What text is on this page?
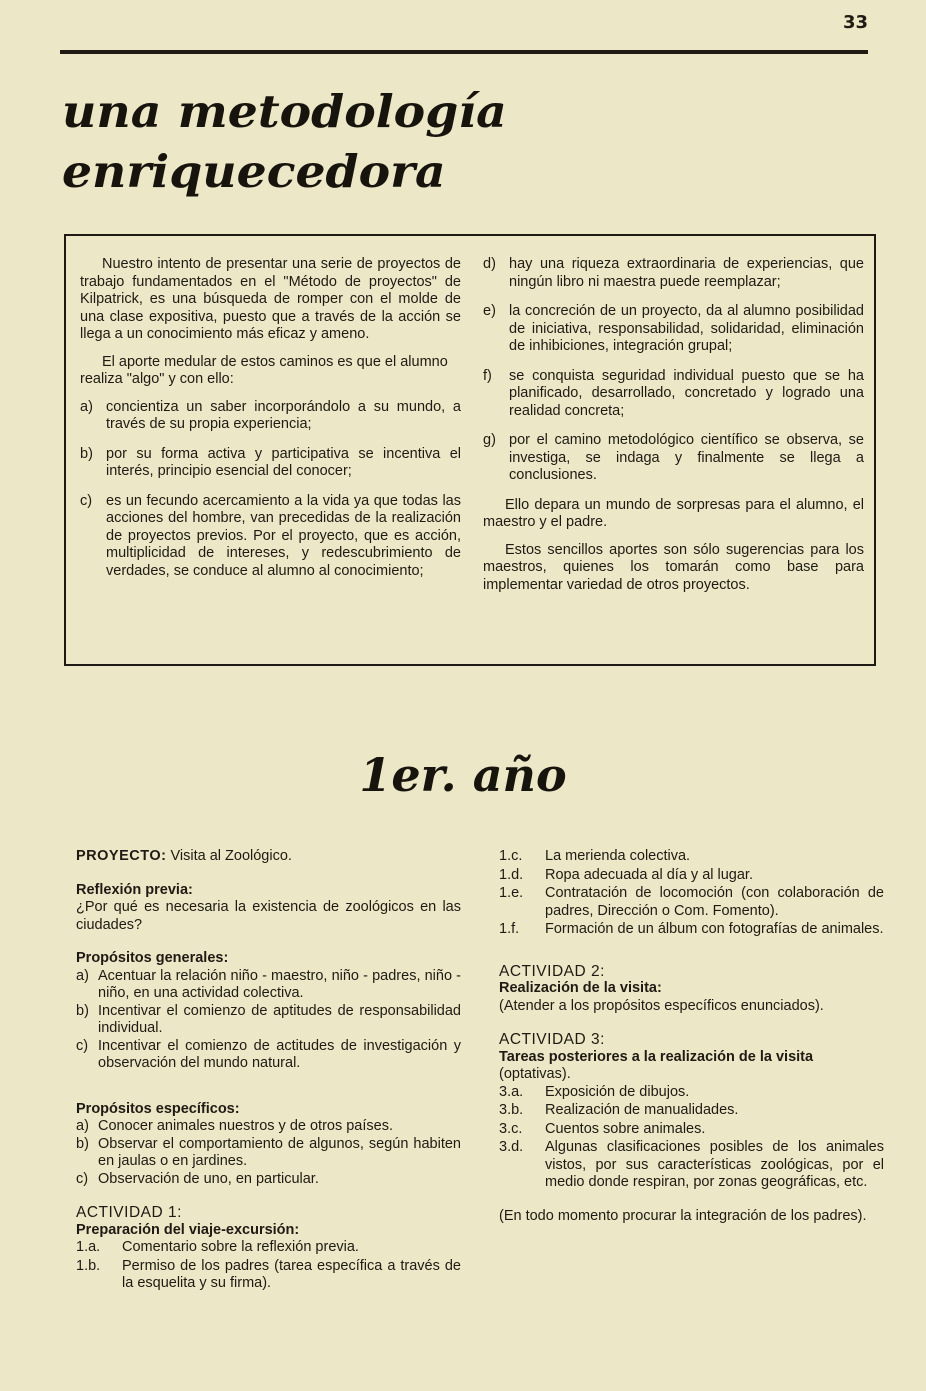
33
una metodología
enriquecedora

Nuestro intento de presentar una serie de proyectos de trabajo fundamentados en el "Método de proyectos" de Kilpatrick, es una búsqueda de romper con el molde de una clase expositiva, puesto que a través de la acción se llega a un conocimiento más eficaz y ameno.

El aporte medular de estos caminos es que el alumno realiza "algo" y con ello:

a) concientiza un saber incorporándolo a su mundo, a través de su propia experiencia;
b) por su forma activa y participativa se incentiva el interés, principio esencial del conocer;
c) es un fecundo acercamiento a la vida ya que todas las acciones del hombre, van precedidas de la realización de proyectos previos. Por el proyecto, que es acción, multiplicidad de intereses, y redescubrimiento de verdades, se conduce al alumno al conocimiento;
d) hay una riqueza extraordinaria de experiencias, que ningún libro ni maestra puede reemplazar;
e) la concreción de un proyecto, da al alumno posibilidad de iniciativa, responsabilidad, solidaridad, eliminación de inhibiciones, integración grupal;
f)	se conquista seguridad individual puesto que se ha planificado, desarrollado, concretado y logrado una realidad concreta;
g) por el camino metodológico científico se observa, se investiga, se indaga y finalmente se llega a conclusiones.

Ello depara un mundo de sorpresas para el alumno, el maestro y el padre.

Estos sencillos aportes son sólo sugerencias para los maestros, quienes los tomarán como base para implementar variedad de otros proyectos.

1er. año
PROYECTO: Visita al Zoológico.
Reflexión previa:
¿Por qué es necesaria la existencia de zoológicos en las ciudades?
Propósitos generales:
a) Acentuar la relación niño - maestro, niño - padres, niño - niño, en una actividad colectiva.
b) Incentivar el comienzo de aptitudes de responsabilidad individual.
c) Incentivar el comienzo de actitudes de investigación y observación del mundo natural.
Propósitos específicos:
a) Conocer animales nuestros y de otros países.
b) Observar el comportamiento de algunos, según habiten en jaulas o en jardines.
c) Observación de uno, en particular.
ACTIVIDAD 1:
Preparación del viaje-excursión:
1.a.	Comentario sobre la reflexión previa.
1.b.	Permiso de los padres (tarea específica a través de la esquelita y su firma).
1.c.	La merienda colectiva.
1.d.	Ropa adecuada al día y al lugar.
1.e.	Contratación de locomoción (con colaboración de padres, Dirección o Com. Fomento).
1.f.	Formación de un álbum con fotografías de animales.
ACTIVIDAD 2:
Realización de la visita:
(Atender a los propósitos específicos enunciados).
ACTIVIDAD 3:
Tareas posteriores a la realización de la visita
(optativas).
3.a.	Exposición de dibujos.
3.b.	Realización de manualidades.
3.c.	Cuentos sobre animales.
3.d.	Algunas clasificaciones posibles de los animales vistos, por sus características zoológicas, por el medio donde respiran, por zonas geográficas, etc.
(En todo momento procurar la integración de los padres).
